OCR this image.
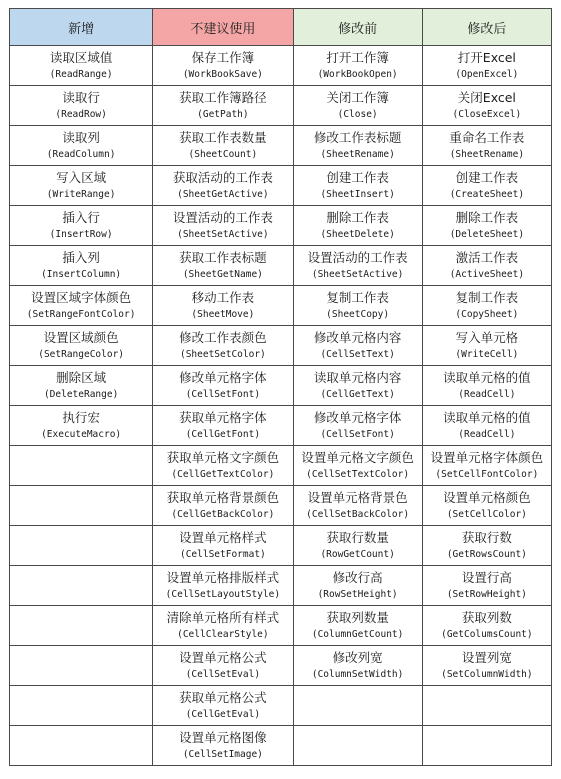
新增	不建议使用	修改前	修改后

读取区域值
(ReadRange)	保存工作簿
(WorkBookSave)	打开工作簿
(WorkBookOpen)	打开Excel
(OpenExcel)

读取行
(ReadRow)	获取工作簿路径
(GetPath)	关闭工作簿
(Close)	关闭Excel
(CloseExcel)

读取列
(ReadColumn)	获取工作表数量
(SheetCount)	修改工作表标题
(SheetRename)	重命名工作表
(SheetRename)

写入区域
(WriteRange)	获取活动的工作表
(SheetGetActive)	创建工作表
(SheetInsert)	创建工作表
(CreateSheet)

插入行
(InsertRow)	设置活动的工作表
(SheetSetActive)	删除工作表
(SheetDelete)	删除工作表
(DeleteSheet)

插入列
(InsertColumn)	获取工作表标题
(SheetGetName)	设置活动的工作表
(SheetSetActive)	激活工作表
(ActiveSheet)

设置区域字体颜色
(SetRangeFontColor)	移动工作表
(SheetMove)	复制工作表
(SheetCopy)	复制工作表
(CopySheet)

设置区域颜色
(SetRangeColor)	修改工作表颜色
(SheetSetColor)	修改单元格内容
(CellSetText)	写入单元格
(WriteCell)

删除区域
(DeleteRange)	修改单元格字体
(CellSetFont)	读取单元格内容
(CellGetText)	读取单元格的值
(ReadCell)

执行宏
(ExecuteMacro)	获取单元格字体
(CellGetFont)	修改单元格字体
(CellSetFont)	读取单元格的值
(ReadCell)

	获取单元格文字颜色
(CellGetTextColor)	设置单元格文字颜色
(CellSetTextColor)	设置单元格字体颜色
(SetCellFontColor)

	获取单元格背景颜色
(CellGetBackColor)	设置单元格背景色
(CellSetBackColor)	设置单元格颜色
(SetCellColor)

	设置单元格样式
(CellSetFormat)	获取行数量
(RowGetCount)	获取行数
(GetRowsCount)

	设置单元格排版样式
(CellSetLayoutStyle)	修改行高
(RowSetHeight)	设置行高
(SetRowHeight)

	清除单元格所有样式
(CellClearStyle)	获取列数量
(ColumnGetCount)	获取列数
(GetColumsCount)

	设置单元格公式
(CellSetEval)	修改列宽
(ColumnSetWidth)	设置列宽
(SetColumnWidth)

	获取单元格公式
(CellGetEval)		

	设置单元格图像
(CellSetImage)		
